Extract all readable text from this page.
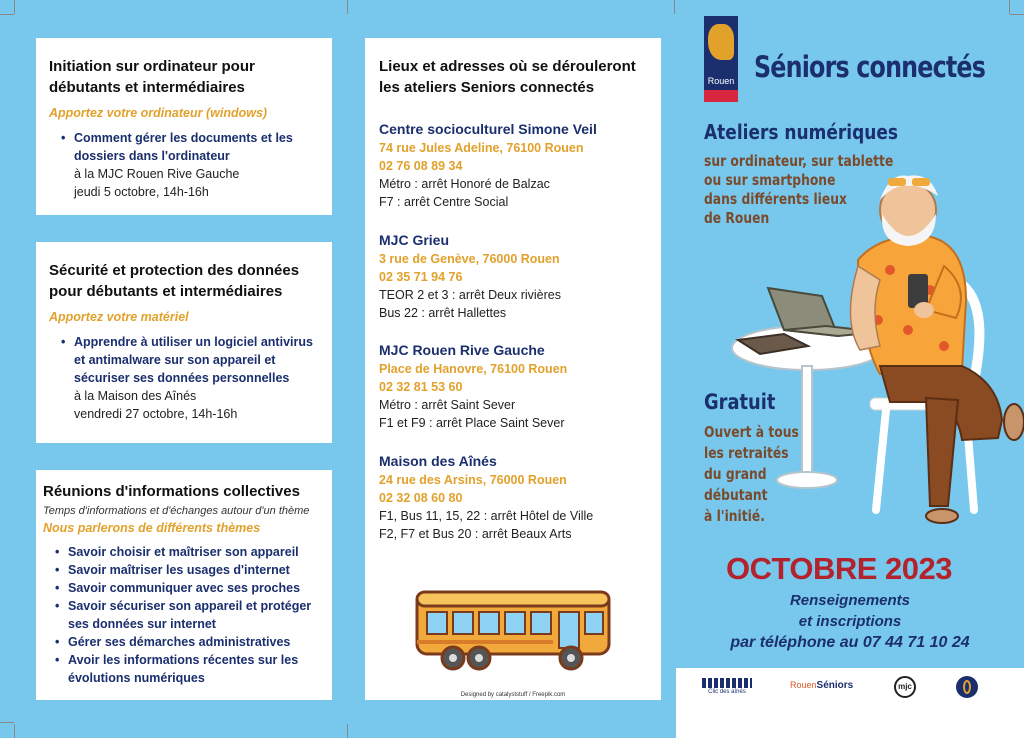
Initiation sur ordinateur pour débutants et intermédiaires
Apportez votre ordinateur (windows)
• Comment gérer les documents et les dossiers dans l'ordinateur
à la MJC Rouen Rive Gauche
jeudi 5 octobre, 14h-16h
Sécurité et protection des données pour débutants et intermédiaires
Apportez votre matériel
• Apprendre à utiliser un logiciel antivirus et antimalware sur son appareil et sécuriser ses données personnelles
à la Maison des Aînés
vendredi 27 octobre, 14h-16h
Réunions d'informations collectives
Temps d'informations et d'échanges autour d'un thème
Nous parlerons de différents thèmes
• Savoir choisir et maîtriser son appareil
• Savoir maîtriser les usages d'internet
• Savoir communiquer avec ses proches
• Savoir sécuriser son appareil et protéger ses données sur internet
• Gérer ses démarches administratives
• Avoir les informations récentes sur les évolutions numériques
Lieux et adresses où se dérouleront les ateliers Seniors connectés
Centre socioculturel Simone Veil
74 rue Jules Adeline, 76100 Rouen
02 76 08 89 34
Métro : arrêt Honoré de Balzac
F7 : arrêt Centre Social
MJC Grieu
3 rue de Genève, 76000 Rouen
02 35 71 94 76
TEOR 2 et 3 : arrêt Deux rivières
Bus 22 : arrêt Hallettes
MJC Rouen Rive Gauche
Place de Hanovre, 76100 Rouen
02 32 81 53 60
Métro : arrêt Saint Sever
F1 et F9 : arrêt Place Saint Sever
Maison des Aînés
24 rue des Arsins, 76000 Rouen
02 32 08 60 80
F1, Bus 11, 15, 22 : arrêt Hôtel de Ville
F2, F7 et Bus 20 : arrêt Beaux Arts
Designed by catalyststuff / Freepik.com
Rouen Séniors connectés
Ateliers numériques
sur ordinateur, sur tablette
ou sur smartphone
dans différents lieux
de Rouen
Gratuit
Ouvert à tous
les retraités
du grand
débutant
à l'initié.
OCTOBRE 2023
Renseignements
et inscriptions
par téléphone au 07 44 71 10 24
Clic des aînés
RouenSéniors	mjc
